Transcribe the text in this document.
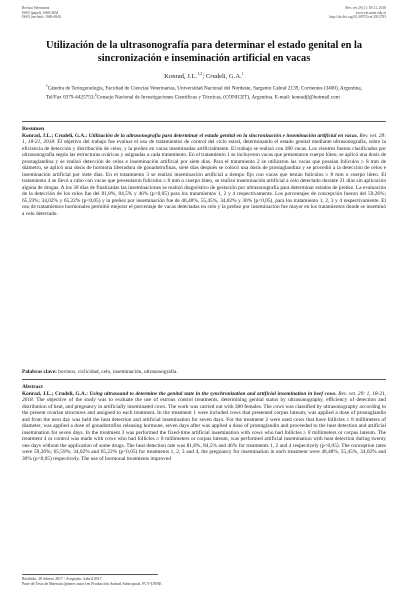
Revista Veterinaria
ISSN (papel): 1668-4834
ISSN (on-line): 1669-6840
Rev. vet 29 (1): 18-21, 2018
www.vet.unne.edu.ar
http://dx.doi.org/10.30972/vet.2912783
Utilización de la ultrasonografía para determinar el estado genital en la sincronización e inseminación artificial en vacas
Konrad, J.L.$^{1,2}$; Crudeli, G.A.$^1$
$^1$Cátedra de Teriogenología, Facultad de Ciencias Veterinarias, Universidad Nacional del Nordeste, Sargento Cabral 2139, Corrientes (3400), Argentina, Tel/Fax 0379-4425753;$^2$Consejo Nacional de Investigaciones Científicas y Técnicas, (CONICET), Argentina. E-mail: konradjl@hotmail.com
Resumen
Konrad, J.L.; Crudeli, G.A.: Utilización de la ultrasonografía para determinar el estado genital en la sincronización e inseminación artificial en vacas. Rev. vet. 29: 1, 18-21, 2018. El objetivo del trabajo fue evaluar el uso de tratamientos de control del ciclo estral, determinando el estado genital mediante ultrasonografía, sobre la eficiencia de detección y distribución de celos, y la preñez en vacas inseminadas artificialmente. El trabajo se realizó con 380 vacas. Los vientres fueron clasificados por ultrasonografía según las estructuras ováricas y asignadas a cada tratamiento. En el tratamiento 1 se incluyeron vacas que presentaron cuerpo lúteo; se aplicó una dosis de prostaglandina y se realizó detección de celos e inseminación artificial por siete días. Para el tratamiento 2 se utilizaron las vacas que poseían folículos ≥ 8 mm de diámetro, se aplicó una dosis de hormona liberadora de gonadotrofinas, siete días después se colocó una dosis de prostaglandina y se procedió a la detección de celos e inseminación artificial por siete días. En el tratamiento 3 se realizó inseminación artificial a tiempo fijo con vacas que tenían folículos ≥ 8 mm o cuerpo lúteo. El tratamiento 4 se llevó a cabo con vacas que presentaron folículos ≥ 8 mm o cuerpo lúteo, se realizó inseminación artificial a celo detectado durante 21 días sin aplicación alguna de drogas. A los 30 días de finalizadas las inseminaciones se realizó diagnóstico de gestación por ultrasonografía para determinar estados de preñez. La evaluación de la detección de los celos fue del 81,8%, 84,5% y 46% (p<0,05) para los tratamientos 1, 2 y 4 respectivamente. Los porcentajes de concepción fueron del 59,26%; 65,59%; 34,02% y 65,22% (p<0,05) y la preñez por inseminación fue de 48,48%, 55,45%, 34,02% y 30% (p<0,05), para los tratamiento 1, 2, 3 y 4 respectivamente. El uso de tratamientos hormonales permitió mejorar el porcentaje de vacas detectadas en celo y la preñez por inseminación fue mayor en los tratamientos donde se inseminó a celo detectado.
Palabras clave: bovinos, ciclicidad, celo, inseminación, ultrasonografía.
Abstract
Konrad, J.L.; Crudeli, G.A.: Using ultrasound to determine the genital state in the synchronization and artificial insemination in beef cows. Rev. vet. 29: 1, 18-21, 2018. The objective of the study was to evaluate the use of estrous control treatments, determining genital status by ultrasonography, efficiency of detection and distribution of heat, and pregnancy in artificially inseminated cows. The work was carried out with 380 females. The cows was classified by ultrasonography according to the present ovarian structures and assigned to each treatment. In the treatment 1 were included cows that presented corpus luteum; was applied a dose of prostaglandin and from the next day was held the heat detection and artificial insemination for seven days. For the treatment 2 were used cows that have follicles ≥ 8 millimeters of diameter, was applied a dose of gonadotrofins releasing hormone, seven days after was applied a dose of prostaglandin and proceeded to the heat detection and artificial insemination for seven days. In the treatment 3 was performed the fixed-time artificial insemination with cows who had follicles ≥ 8 millimeters or corpus luteum. The treatment 4 or control was made with cows who had follicles ≥ 8 millimeters or corpus luteum, was performed artificial insemination with heat detection during twenty one days without the application of some drugs. The heat detection rate was 81,8%, 84,5% and 46% for treatments 1, 2 and 4 respectively (p<0,05). The conception rates were 59,26%; 65,59%; 34,02% and 65,22% (p<0,05) for treatments 1, 2, 3 and 4, the pregnancy for insemination in each treatment were 48,48%, 55,45%, 34,02% and 30% (p<0,05) respectively. The use of hormonal treatments improved
Recibido: 28 febrero 2017 / Aceptado: 4 abril 2017
Parte de Tesis de Maestría (primer autor) en Producción Animal Subtropical, FCV-UNNE.
